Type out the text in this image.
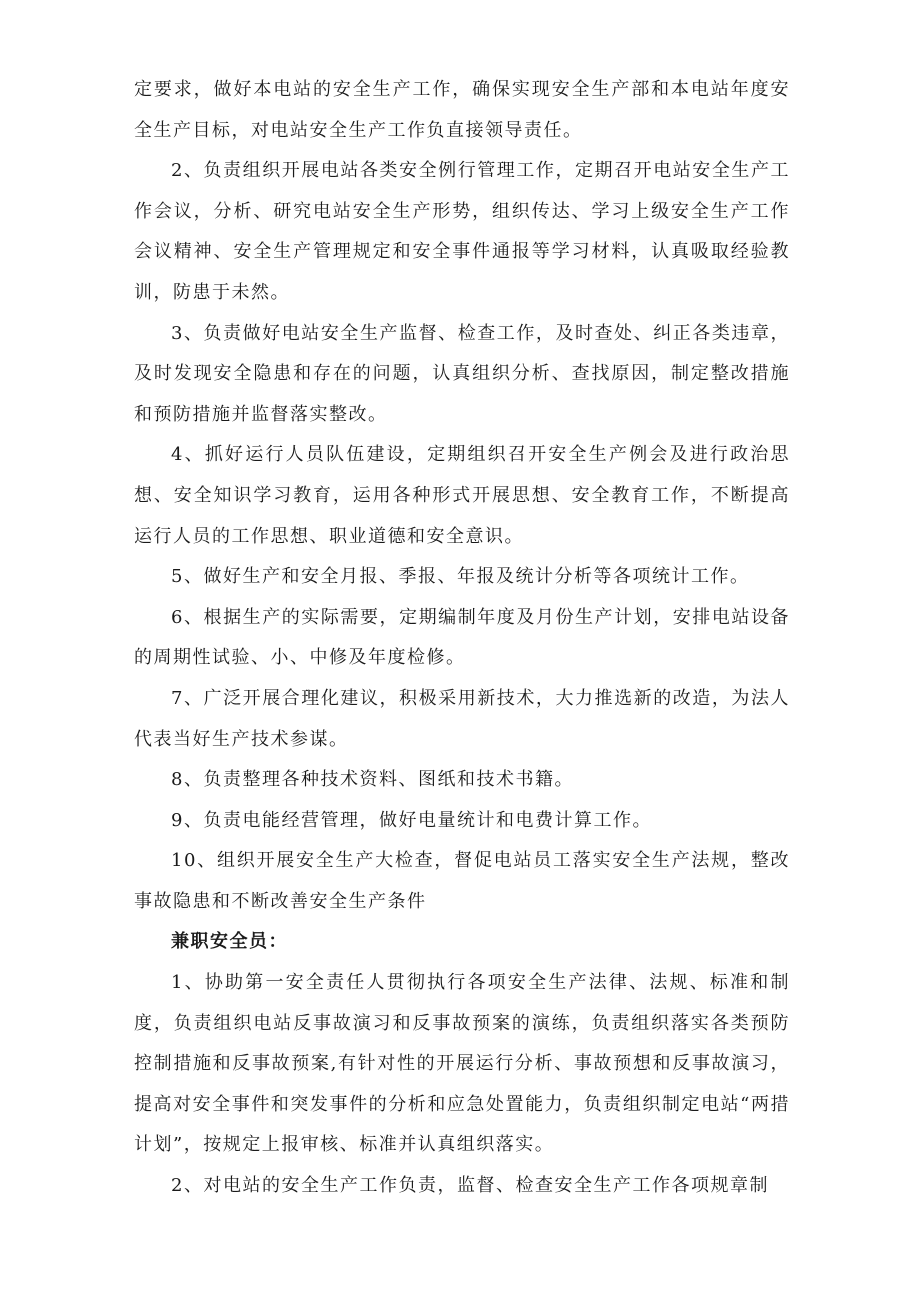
定要求，做好本电站的安全生产工作，确保实现安全生产部和本电站年度安全生产目标，对电站安全生产工作负直接领导责任。

2、负责组织开展电站各类安全例行管理工作，定期召开电站安全生产工作会议，分析、研究电站安全生产形势，组织传达、学习上级安全生产工作会议精神、安全生产管理规定和安全事件通报等学习材料，认真吸取经验教训，防患于未然。

3、负责做好电站安全生产监督、检查工作，及时查处、纠正各类违章，及时发现安全隐患和存在的问题，认真组织分析、查找原因，制定整改措施和预防措施并监督落实整改。

4、抓好运行人员队伍建设，定期组织召开安全生产例会及进行政治思想、安全知识学习教育，运用各种形式开展思想、安全教育工作，不断提高运行人员的工作思想、职业道德和安全意识。

5、做好生产和安全月报、季报、年报及统计分析等各项统计工作。

6、根据生产的实际需要，定期编制年度及月份生产计划，安排电站设备的周期性试验、小、中修及年度检修。

7、广泛开展合理化建议，积极采用新技术，大力推选新的改造，为法人代表当好生产技术参谋。

8、负责整理各种技术资料、图纸和技术书籍。

9、负责电能经营管理，做好电量统计和电费计算工作。

10、组织开展安全生产大检查，督促电站员工落实安全生产法规，整改事故隐患和不断改善安全生产条件

兼职安全员：

1、协助第一安全责任人贯彻执行各项安全生产法律、法规、标准和制度，负责组织电站反事故演习和反事故预案的演练，负责组织落实各类预防控制措施和反事故预案,有针对性的开展运行分析、事故预想和反事故演习，提高对安全事件和突发事件的分析和应急处置能力，负责组织制定电站“两措计划”，按规定上报审核、标准并认真组织落实。

2、对电站的安全生产工作负责，监督、检查安全生产工作各项规章制
